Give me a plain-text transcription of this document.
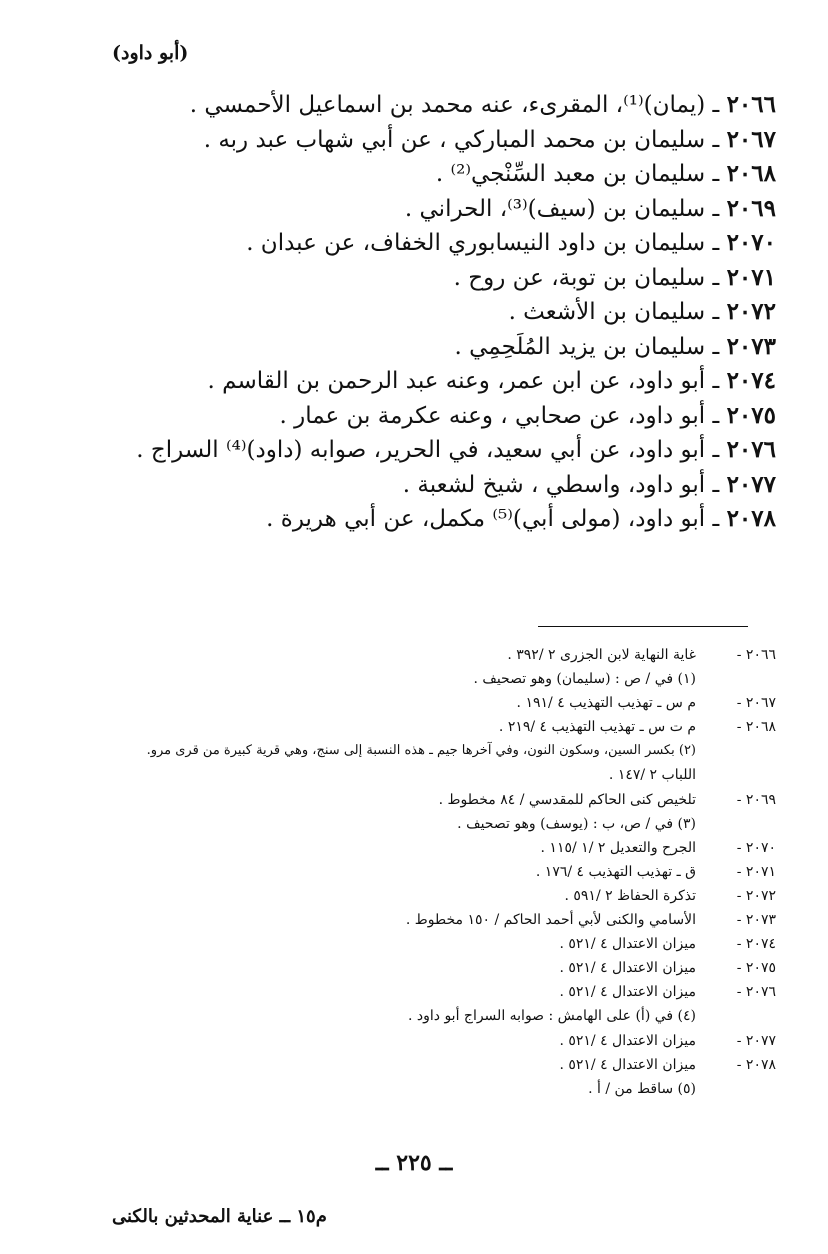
(أبو داود)
٢٠٦٦ ـ (يمان)⁽¹⁾، المقرىء، عنه محمد بن اسماعيل الأحمسي .
٢٠٦٧ ـ سليمان بن محمد المباركي ، عن أبي شهاب عبد ربه .
٢٠٦٨ ـ سليمان بن معبد السِّنْجي⁽²⁾ .
٢٠٦٩ ـ سليمان بن (سيف)⁽³⁾، الحراني .
٢٠٧٠ ـ سليمان بن داود النيسابوري الخفاف، عن عبدان .
٢٠٧١ ـ سليمان بن توبة، عن روح .
٢٠٧٢ ـ سليمان بن الأشعث .
٢٠٧٣ ـ سليمان بن يزيد المُلَحِمِي .
٢٠٧٤ ـ أبو داود، عن ابن عمر، وعنه عبد الرحمن بن القاسم .
٢٠٧٥ ـ أبو داود، عن صحابي ، وعنه عكرمة بن عمار .
٢٠٧٦ ـ أبو داود، عن أبي سعيد، في الحرير، صوابه (داود)⁽⁴⁾ السراج .
٢٠٧٧ ـ أبو داود، واسطي ، شيخ لشعبة .
٢٠٧٨ ـ أبو داود، (مولى أبي)⁽⁵⁾ مكمل، عن أبي هريرة .
٢٠٦٦ -
غاية النهاية لابن الجزرى ٢ /٣٩٢ .
(١) في / ص : (سليمان) وهو تصحيف .
٢٠٦٧ -
م س ـ تهذيب التهذيب ٤ /١٩١ .
٢٠٦٨ -
م ت س ـ تهذيب التهذيب ٤ /٢١٩ .
(٢) بكسر السين، وسكون النون، وفي آخرها جيم ـ هذه النسبة إلى سنج، وهي قرية كبيرة من قرى مرو.
اللباب ٢ /١٤٧ .
٢٠٦٩ -
تلخيص كنى الحاكم للمقدسي / ٨٤ مخطوط .
(٣) في / ص، ب : (يوسف) وهو تصحيف .
٢٠٧٠ -
الجرح والتعديل ٢ /١ /١١٥ .
٢٠٧١ -
ق ـ تهذيب التهذيب ٤ /١٧٦ .
٢٠٧٢ -
تذكرة الحفاظ ٢ /٥٩١ .
٢٠٧٣ -
الأسامي والكنى لأبي أحمد الحاكم / ١٥٠ مخطوط .
٢٠٧٤ -
ميزان الاعتدال ٤ /٥٢١ .
٢٠٧٥ -
ميزان الاعتدال ٤ /٥٢١ .
٢٠٧٦ -
ميزان الاعتدال ٤ /٥٢١ .
(٤) في (أ) على الهامش : صوابه السراج أبو داود .
٢٠٧٧ -
ميزان الاعتدال ٤ /٥٢١ .
٢٠٧٨ -
ميزان الاعتدال ٤ /٥٢١ .
(٥) ساقط من / أ .
ــ ٢٢٥ ــ
م١٥ ــ عناية المحدثين بالكنى
